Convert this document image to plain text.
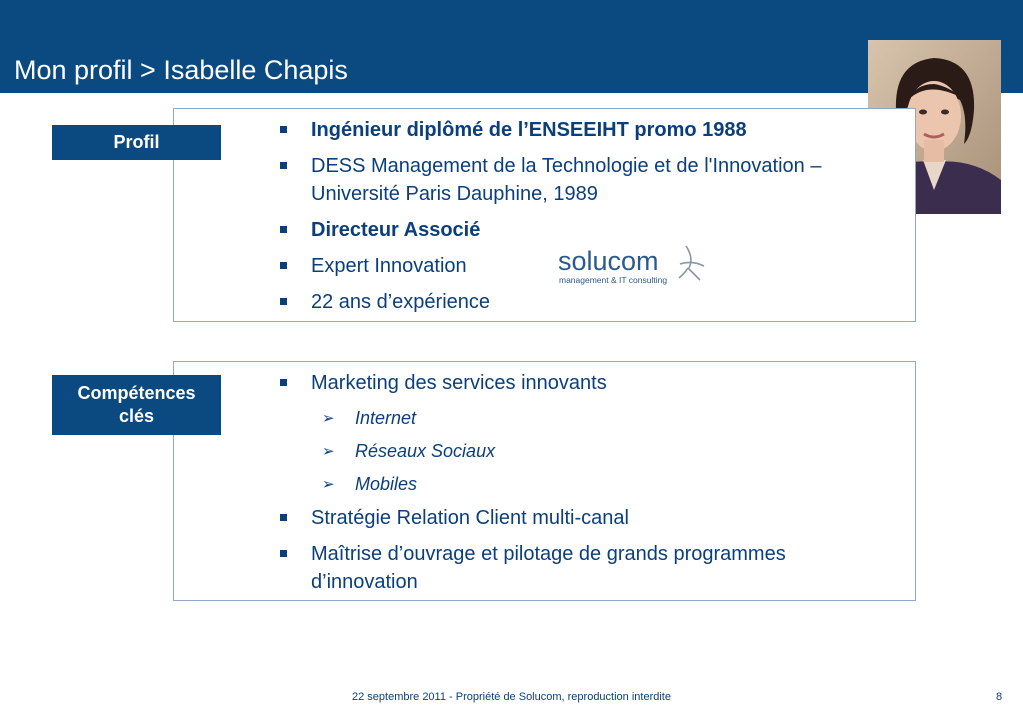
Mon profil > Isabelle Chapis
Profil
Ingénieur diplômé de l’ENSEEIHT promo 1988
DESS Management de la Technologie et de l'Innovation – Université Paris Dauphine, 1989
Directeur Associé
Expert Innovation
22 ans d’expérience
solucom
management & IT consulting
Compétences clés
Marketing des services innovants
➢ Internet
➢ Réseaux Sociaux
➢ Mobiles
Stratégie Relation Client multi-canal
Maîtrise d’ouvrage et pilotage de grands programmes d’innovation
22 septembre 2011 - Propriété de Solucom, reproduction interdite	8
